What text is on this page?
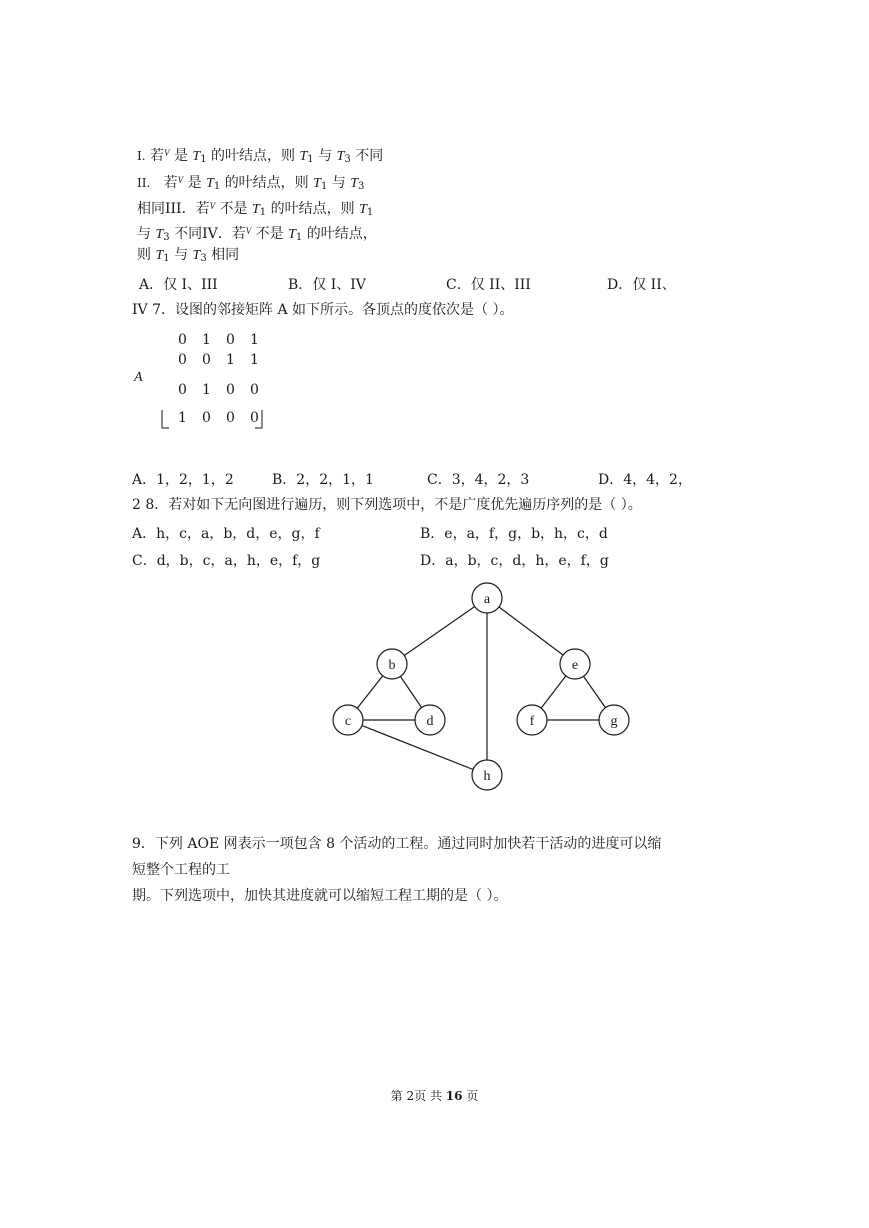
I. 若$^V$ 是 $T_1$ 的叶结点，则 $T_1$ 与 $T_3$ 不同
II. 若$^V$ 是 $T_1$ 的叶结点，则 $T_1$ 与 $T_3$
相同III．若$^V$ 不是 $T_1$ 的叶结点，则 $T_1$
与 $T_3$ 不同IV．若$^V$ 不是 $T_1$ 的叶结点，
则 $T_1$ 与 $T_3$ 相同
A．仅 I、III	B．仅 I、IV	C．仅 II、III	D．仅 II、
IV 7．设图的邻接矩阵 A 如下所示。各顶点的度依次是（ ）。
A
0 1 0 1
0 0 1 1
0 1 0 0
1 0 0 0
A．1，2，1，2	B．2，2，1，1	C．3，4，2，3	D．4，4，2，
2 8．若对如下无向图进行遍历，则下列选项中，不是广度优先遍历序列的是（ ）。
A．h，c，a，b，d，e，g，f	B．e，a，f，g，b，h，c，d
C．d，b，c，a，h，e，f，g	D．a，b，c，d，h，e，f，g
a
b
c	d
e
f	g
h
9．下列 AOE 网表示一项包含 8 个活动的工程。通过同时加快若干活动的进度可以缩
短整个工程的工
期。下列选项中，加快其进度就可以缩短工程工期的是（ ）。
第 2页 共 16 页
